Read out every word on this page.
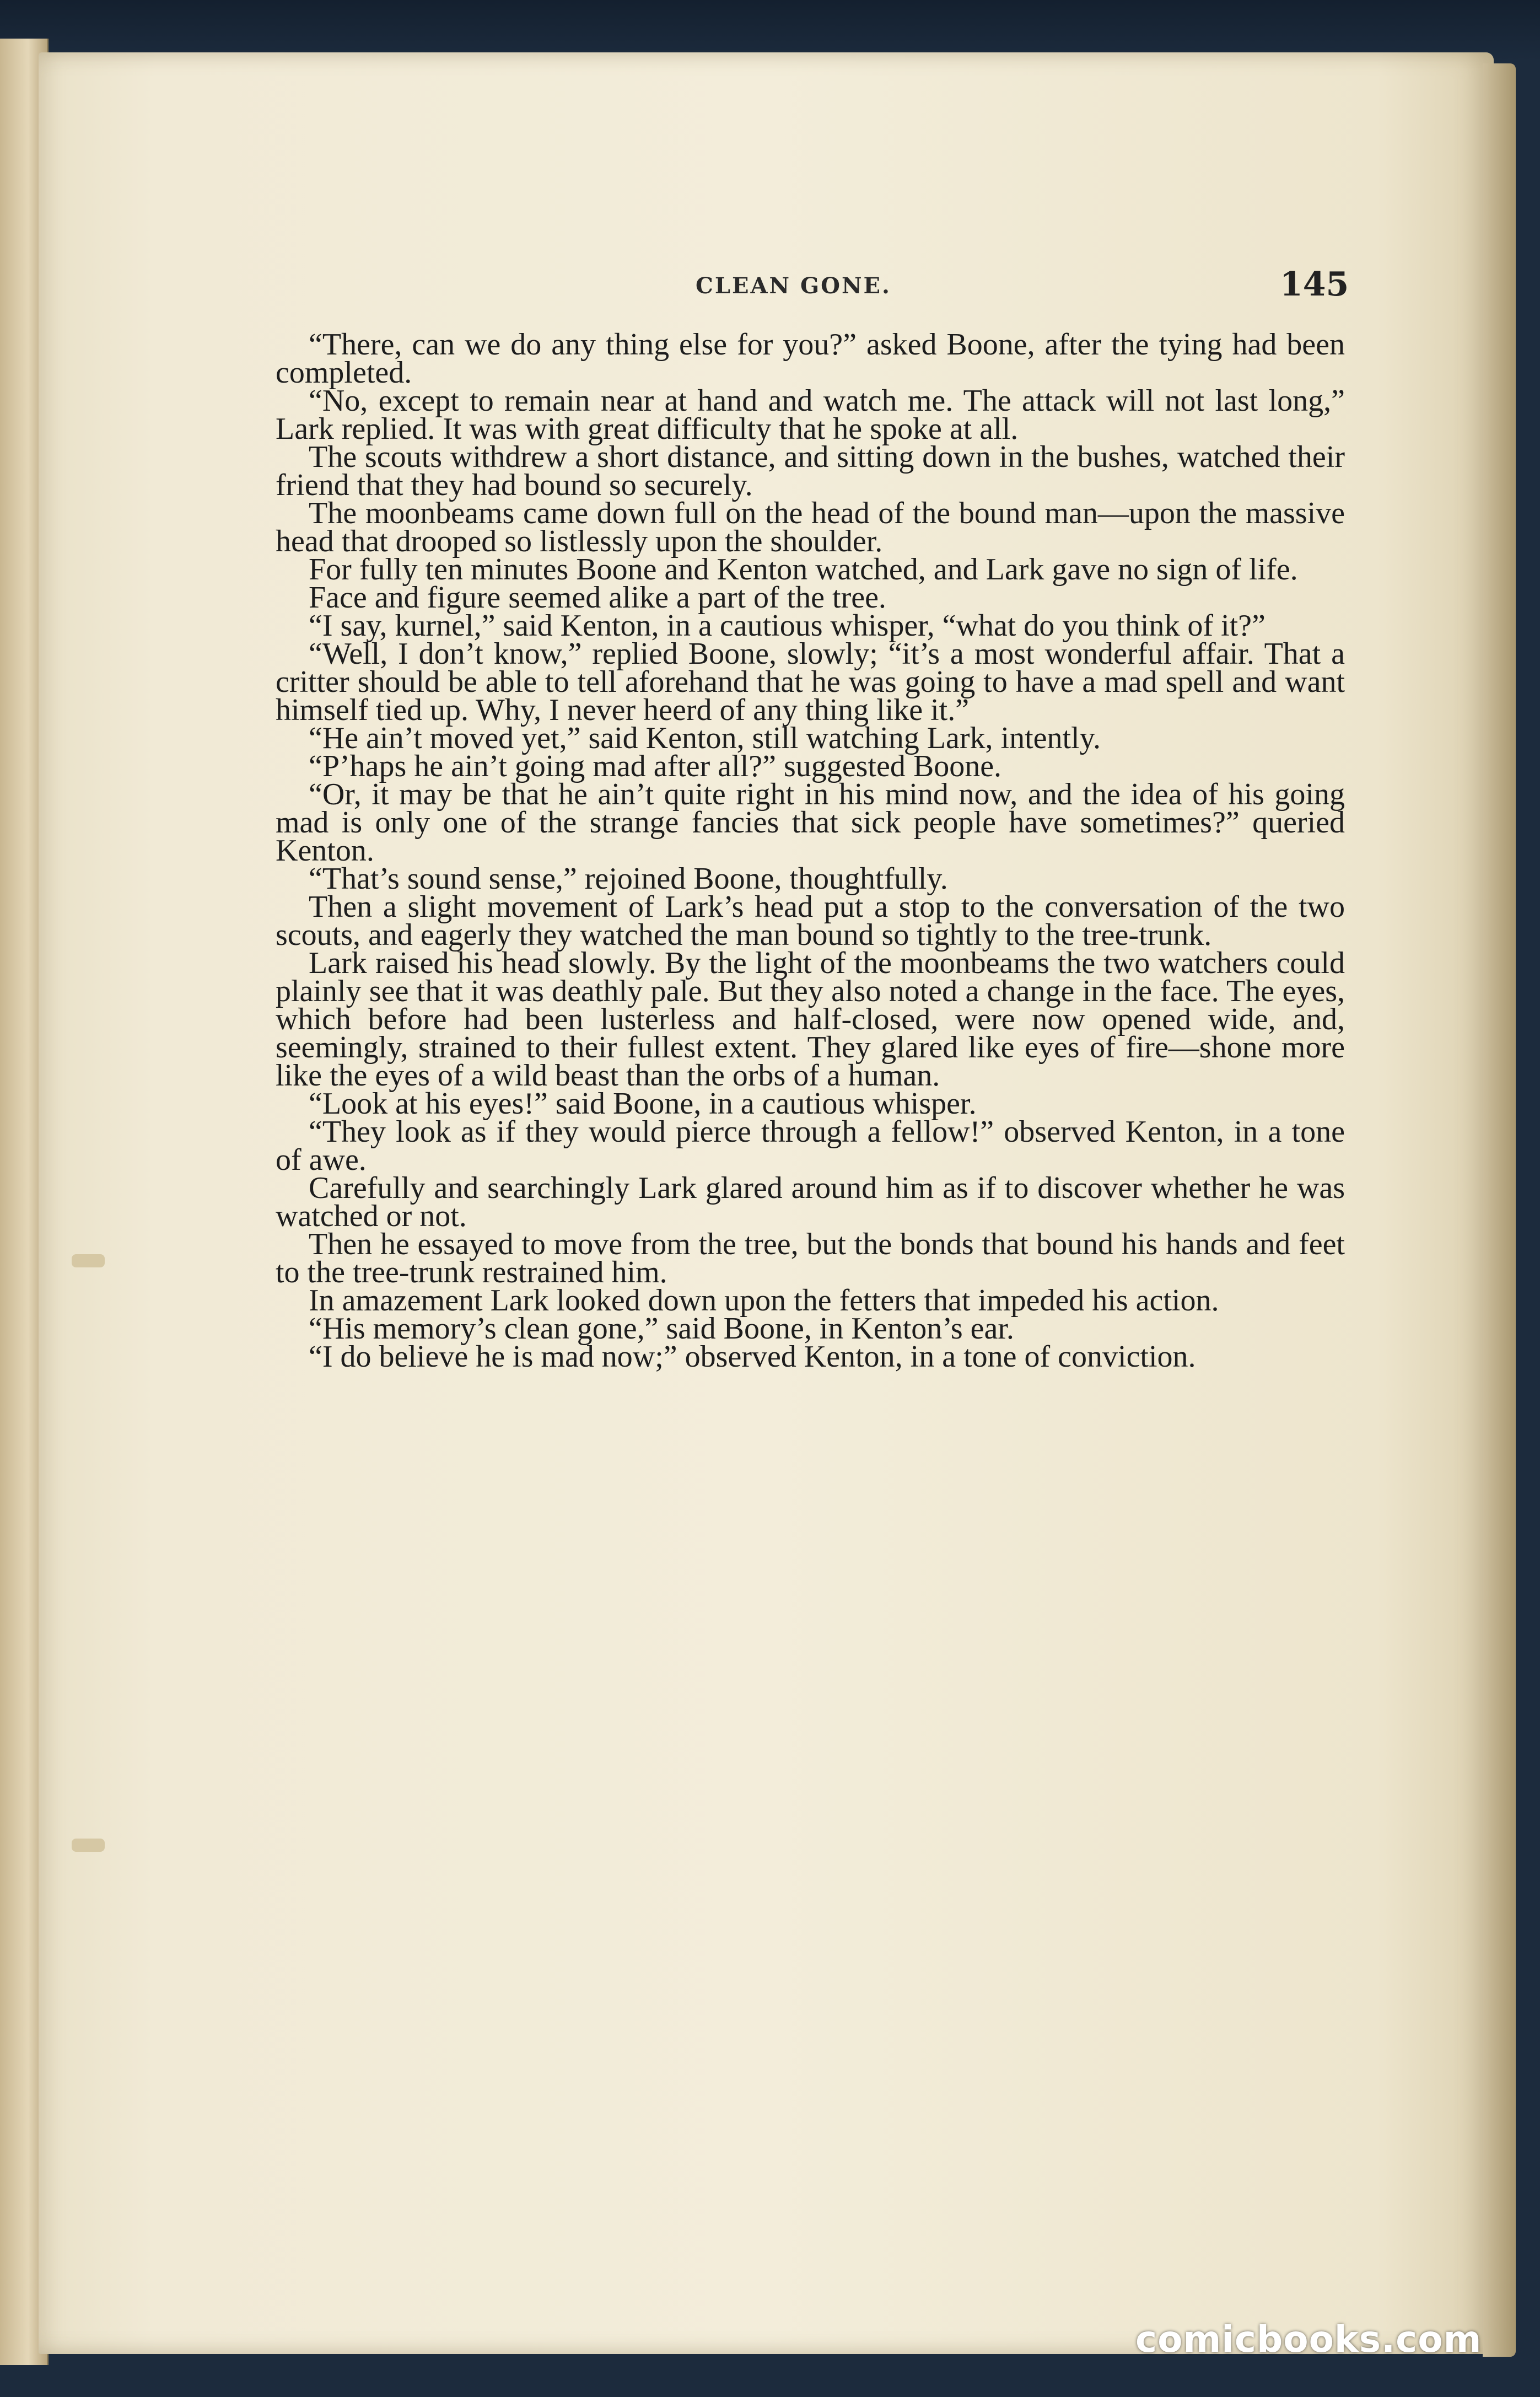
CLEAN GONE.	145

“There, can we do any thing else for you?” asked Boone, after the tying had been completed.

“No, except to remain near at hand and watch me. The attack will not last long,” Lark replied. It was with great difficulty that he spoke at all.

The scouts withdrew a short distance, and sitting down in the bushes, watched their friend that they had bound so securely.

The moonbeams came down full on the head of the bound man—upon the massive head that drooped so listlessly upon the shoulder.

For fully ten minutes Boone and Kenton watched, and Lark gave no sign of life.

Face and figure seemed alike a part of the tree.

“I say, kurnel,” said Kenton, in a cautious whisper, “what do you think of it?”

“Well, I don’t know,” replied Boone, slowly; “it’s a most wonderful affair. That a critter should be able to tell aforehand that he was going to have a mad spell and want himself tied up. Why, I never heerd of any thing like it.”

“He ain’t moved yet,” said Kenton, still watching Lark, intently.

“P’haps he ain’t going mad after all?” suggested Boone.

“Or, it may be that he ain’t quite right in his mind now, and the idea of his going mad is only one of the strange fancies that sick people have sometimes?” queried Kenton.

“That’s sound sense,” rejoined Boone, thoughtfully.

Then a slight movement of Lark’s head put a stop to the conversation of the two scouts, and eagerly they watched the man bound so tightly to the tree-trunk.

Lark raised his head slowly. By the light of the moonbeams the two watchers could plainly see that it was deathly pale. But they also noted a change in the face. The eyes, which before had been lusterless and half-closed, were now opened wide, and, seemingly, strained to their fullest extent. They glared like eyes of fire—shone more like the eyes of a wild beast than the orbs of a human.

“Look at his eyes!” said Boone, in a cautious whisper.

“They look as if they would pierce through a fellow!” observed Kenton, in a tone of awe.

Carefully and searchingly Lark glared around him as if to discover whether he was watched or not.

Then he essayed to move from the tree, but the bonds that bound his hands and feet to the tree-trunk restrained him.

In amazement Lark looked down upon the fetters that impeded his action.

“His memory’s clean gone,” said Boone, in Kenton’s ear.

“I do believe he is mad now;” observed Kenton, in a tone of conviction.

comicbooks.com
